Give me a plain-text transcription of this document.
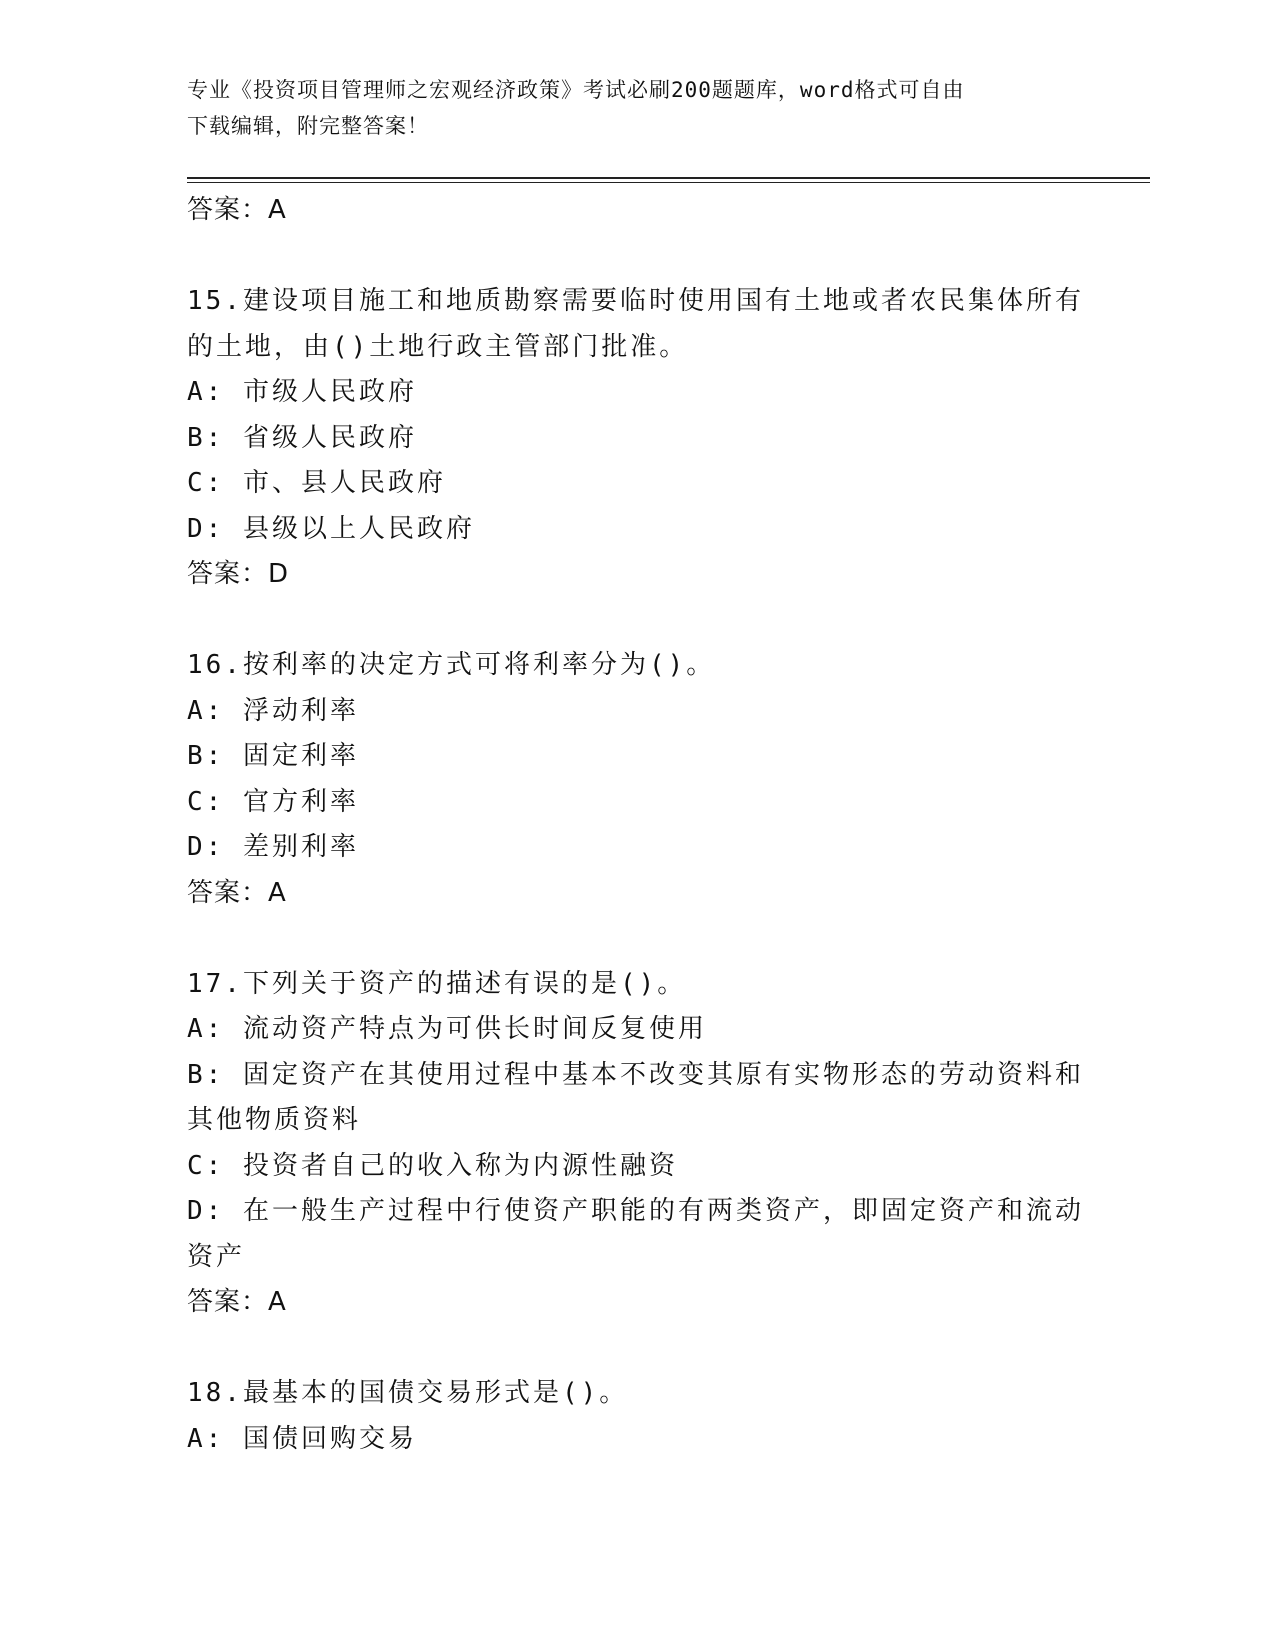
专业《投资项目管理师之宏观经济政策》考试必刷200题题库，word格式可自由
下载编辑，附完整答案！
答案：A
15.建设项目施工和地质勘察需要临时使用国有土地或者农民集体所有
的土地，由()土地行政主管部门批准。
A: 市级人民政府
B: 省级人民政府
C: 市、县人民政府
D: 县级以上人民政府
答案：D
16.按利率的决定方式可将利率分为()。
A: 浮动利率
B: 固定利率
C: 官方利率
D: 差别利率
答案：A
17.下列关于资产的描述有误的是()。
A: 流动资产特点为可供长时间反复使用
B: 固定资产在其使用过程中基本不改变其原有实物形态的劳动资料和
其他物质资料
C: 投资者自己的收入称为内源性融资
D: 在一般生产过程中行使资产职能的有两类资产，即固定资产和流动
资产
答案：A
18.最基本的国债交易形式是()。
A: 国债回购交易
